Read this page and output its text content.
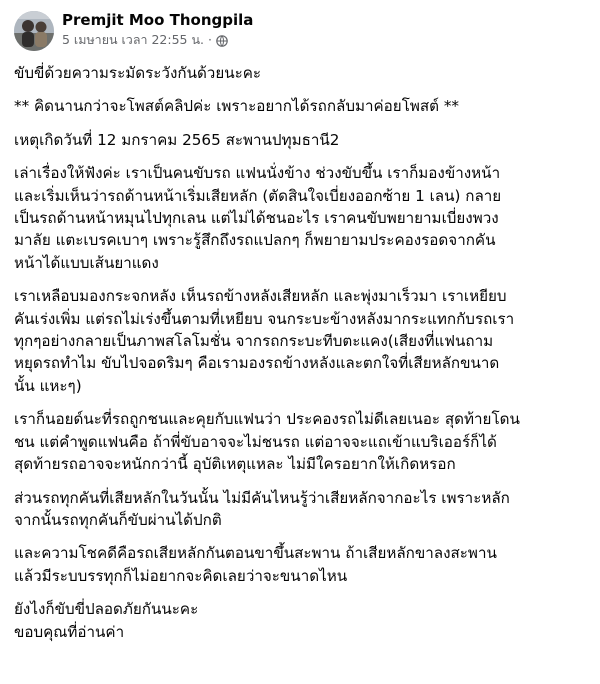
Premjit Moo Thongpila
5 เมษายน เวลา 22:55 น. ·

ขับขี่ด้วยความระมัดระวังกันด้วยนะคะ

** คิดนานกว่าจะโพสต์คลิปค่ะ เพราะอยากได้รถกลับมาค่อยโพสต์ **

เหตุเกิดวันที่ 12 มกราคม 2565 สะพานปทุมธานี2

เล่าเรื่องให้ฟังค่ะ เราเป็นคนขับรถ แฟนนั่งข้าง ช่วงขับขึ้น เราก็มองข้างหน้า
และเริ่มเห็นว่ารถด้านหน้าเริ่มเสียหลัก (ตัดสินใจเบี่ยงออกซ้าย 1 เลน) กลาย
เป็นรถด้านหน้าหมุนไปทุกเลน แต่ไม่ได้ชนอะไร เราคนขับพยายามเบี่ยงพวง
มาลัย แตะเบรคเบาๆ เพราะรู้สึกถึงรถแปลกๆ ก็พยายามประคองรอดจากคัน
หน้าได้แบบเส้นยาแดง

เราเหลือบมองกระจกหลัง เห็นรถข้างหลังเสียหลัก และพุ่งมาเร็วมา เราเหยียบ
คันเร่งเพิ่ม แต่รถไม่เร่งขึ้นตามที่เหยียบ จนกระบะข้างหลังมากระแทกกับรถเรา
ทุกๆอย่างกลายเป็นภาพสโลโมชั่น จากรถกระบะทีบตะแคง(เสียงที่แฟนถาม
หยุดรถทำไม ขับไปจอดริมๆ คือเรามองรถข้างหลังและตกใจที่เสียหลักขนาด
นั้น แหะๆ)

เราก็นอยด์นะที่รถถูกชนและคุยกับแฟนว่า ประคองรถไม่ดีเลยเนอะ สุดท้ายโดน
ชน แต่คำพูดแฟนคือ ถ้าพี่ขับอาจจะไม่ชนรถ แต่อาจจะแถเข้าแบริเออร์ก็ได้
สุดท้ายรถอาจจะหนักกว่านี้ อุบัติเหตุแหละ ไม่มีใครอยากให้เกิดหรอก

ส่วนรถทุกคันที่เสียหลักในวันนั้น ไม่มีคันไหนรู้ว่าเสียหลักจากอะไร เพราะหลัก
จากนั้นรถทุกคันก็ขับผ่านได้ปกติ

และความโชคดีคือรถเสียหลักกันตอนขาขึ้นสะพาน ถ้าเสียหลักขาลงสะพาน
แล้วมีระบบรรทุกก็ไม่อยากจะคิดเลยว่าจะขนาดไหน

ยังไงก็ขับขี่ปลอดภัยกันนะคะ
ขอบคุณที่อ่านค่า
